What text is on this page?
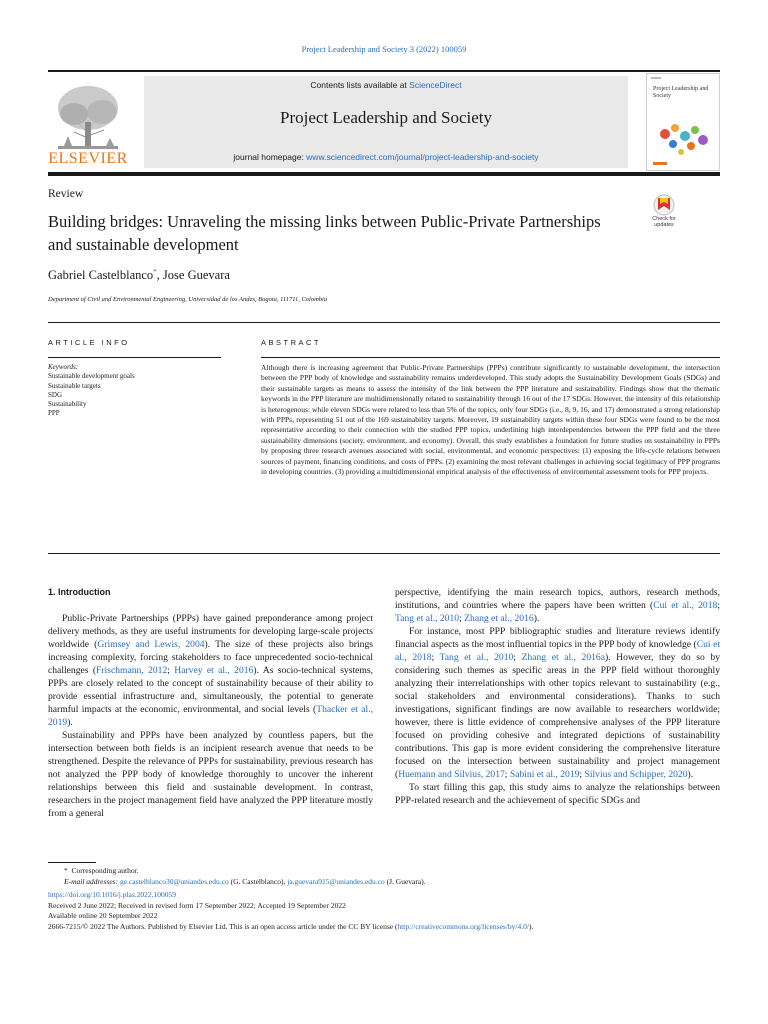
Project Leadership and Society 3 (2022) 100059
ELSEVIER
Contents lists available at ScienceDirect
Project Leadership and Society
journal homepage: www.sciencedirect.com/journal/project-leadership-and-society
Project Leadership and Society
Review
Building bridges: Unraveling the missing links between Public-Private Partnerships and sustainable development
Check for updates
Gabriel Castelblanco*, Jose Guevara
Department of Civil and Environmental Engineering, Universidad de los Andes, Bogota, 111711, Colombia
ARTICLE INFO	ABSTRACT
Keywords:
Sustainable development goals
Sustainable targets
SDG
Sustainability
PPP
Although there is increasing agreement that Public-Private Partnerships (PPPs) contribute significantly to sustainable development, the intersection between the PPP body of knowledge and sustainability remains underdeveloped. This study adopts the Sustainability Development Goals (SDGs) and their sustainable targets as means to assess the intensity of the link between the PPP literature and sustainability. Findings show that the thematic keywords in the PPP literature are multidimensionally related to sustainability through 16 out of the 17 SDGs. However, the intensity of this relationship is heterogenous: while eleven SDGs were related to less than 5% of the topics, only four SDGs (i.e., 8, 9, 16, and 17) demonstrated a strong relationship with PPPs, representing 51 out of the 169 sustainability targets. Moreover, 19 sustainability targets within these four SDGs were found to be the most representative according to their connection with the studied PPP topics, underlining high interdependencies between the PPP field and the three sustainability dimensions (society, environment, and economy). Overall, this study establishes a foundation for future studies on sustainability in PPPs by proposing three research avenues associated with social, environmental, and economic perspectives: (1) exposing the life-cycle relations between sources of payment, financing conditions, and costs of PPPs. (2) examining the most relevant challenges in achieving social legitimacy of PPP programs in developing countries. (3) providing a multidimensional empirical analysis of the effectiveness of environmental assessment tools for PPP projects.
1. Introduction

Public-Private Partnerships (PPPs) have gained preponderance among project delivery methods, as they are useful instruments for developing large-scale projects worldwide (Grimsey and Lewis, 2004). The size of these projects also brings increasing complexity, forcing stakeholders to face unprecedented socio-technical challenges (Frischmann, 2012; Harvey et al., 2016). As socio-technical systems, PPPs are closely related to the concept of sustainability because of their ability to provide essential infrastructure and, simultaneously, the potential to generate harmful impacts at the economic, environmental, and social levels (Thacker et al., 2019).

Sustainability and PPPs have been analyzed by countless papers, but the intersection between both fields is an incipient research avenue that needs to be strengthened. Despite the relevance of PPPs for sustainability, previous research has not analyzed the PPP body of knowledge thoroughly to uncover the inherent relationships between this field and sustainable development. In contrast, researchers in the project management field have analyzed the PPP literature mostly from a general

perspective, identifying the main research topics, authors, research methods, institutions, and countries where the papers have been written (Cui et al., 2018; Tang et al., 2010; Zhang et al., 2016).

For instance, most PPP bibliographic studies and literature reviews identify financial aspects as the most influential topics in the PPP body of knowledge (Cui et al., 2018; Tang et al., 2010; Zhang et al., 2016a). However, they do so by considering such themes as specific areas in the PPP field without thoroughly analyzing their interrelationships with other topics relevant to sustainability (e.g., social stakeholders and environmental considerations). Thanks to such investigations, significant findings are now available to researchers worldwide; however, there is little evidence of comprehensive analyses of the PPP literature focused on providing cohesive and integrated depictions of sustainability contributions. This gap is more evident considering the comprehensive literature focused on the intersection between sustainability and project management (Huemann and Silvius, 2017; Sabini et al., 2019; Silvius and Schipper, 2020).

To start filling this gap, this study aims to analyze the relationships between PPP-related research and the achievement of specific SDGs and

* Corresponding author.
E-mail addresses: ge.castelblanco30@uniandes.edu.co (G. Castelblanco), ja.guevara915@uniandes.edu.co (J. Guevara).
https://doi.org/10.1016/j.plas.2022.100059
Received 2 June 2022; Received in revised form 17 September 2022; Accepted 19 September 2022
Available online 20 September 2022
2666-7215/© 2022 The Authors. Published by Elsevier Ltd. This is an open access article under the CC BY license (http://creativecommons.org/licenses/by/4.0/).
